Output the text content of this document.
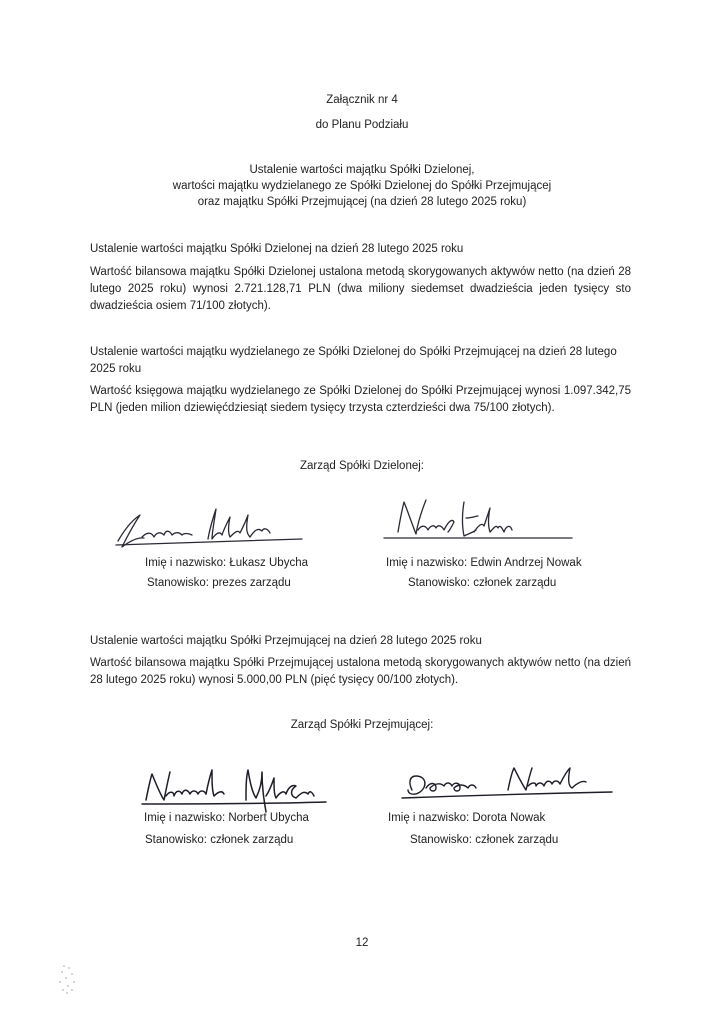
Załącznik nr 4
do Planu Podziału
Ustalenie wartości majątku Spółki Dzielonej,
wartości majątku wydzielanego ze Spółki Dzielonej do Spółki Przejmującej
oraz majątku Spółki Przejmującej (na dzień 28 lutego 2025 roku)
Ustalenie wartości majątku Spółki Dzielonej na dzień 28 lutego 2025 roku
Wartość bilansowa majątku Spółki Dzielonej ustalona metodą skorygowanych aktywów netto (na dzień 28 lutego 2025 roku) wynosi 2.721.128,71 PLN (dwa miliony siedemset dwadzieścia jeden tysięcy sto dwadzieścia osiem 71/100 złotych).
Ustalenie wartości majątku wydzielanego ze Spółki Dzielonej do Spółki Przejmującej na dzień 28 lutego 2025 roku
Wartość księgowa majątku wydzielanego ze Spółki Dzielonej do Spółki Przejmującej wynosi 1.097.342,75 PLN (jeden milion dziewięćdziesiąt siedem tysięcy trzysta czterdzieści dwa 75/100 złotych).
Zarząd Spółki Dzielonej:
Imię i nazwisko: Łukasz Ubycha
Stanowisko: prezes zarządu
Imię i nazwisko: Edwin Andrzej Nowak
Stanowisko: członek zarządu
Ustalenie wartości majątku Spółki Przejmującej na dzień 28 lutego 2025 roku
Wartość bilansowa majątku Spółki Przejmującej ustalona metodą skorygowanych aktywów netto (na dzień 28 lutego 2025 roku) wynosi 5.000,00 PLN (pięć tysięcy 00/100 złotych).
Zarząd Spółki Przejmującej:
Imię i nazwisko: Norbert Ubycha
Stanowisko: członek zarządu
Imię i nazwisko: Dorota Nowak
Stanowisko: członek zarządu
12
